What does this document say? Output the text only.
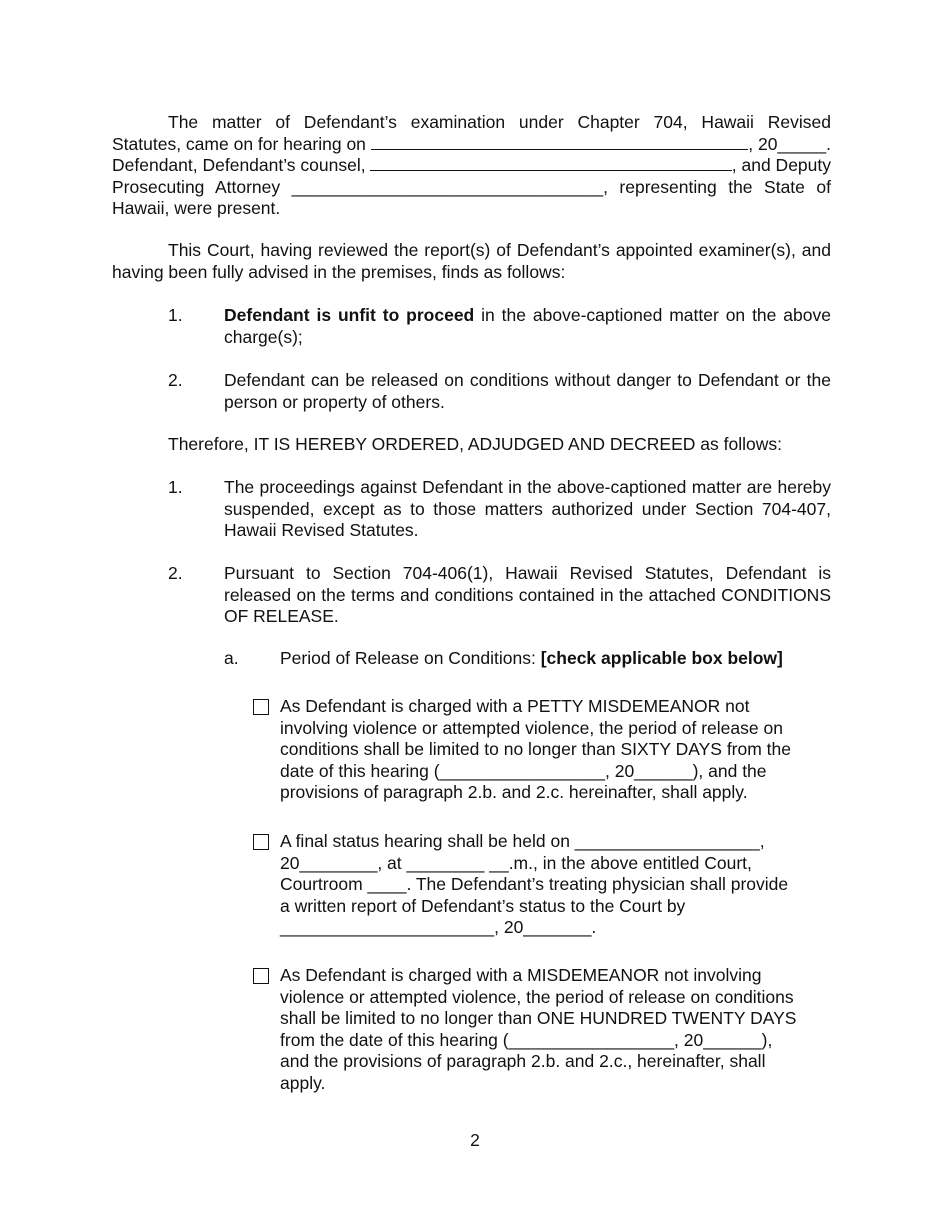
The matter of Defendant’s examination under Chapter 704, Hawaii Revised

Statutes, came on for hearing on	, 20_____.

Defendant, Defendant’s counsel,	, and Deputy

Prosecuting Attorney ________________________________, representing the State of

Hawaii, were present.

This Court, having reviewed the report(s) of Defendant’s appointed examiner(s), and having been fully advised in the premises, finds as follows:

1. Defendant is unfit to proceed in the above-captioned matter on the above charge(s);
2. Defendant can be released on conditions without danger to Defendant or the person or property of others.

Therefore, IT IS HEREBY ORDERED, ADJUDGED AND DECREED as follows:

1. The proceedings against Defendant in the above-captioned matter are hereby suspended, except as to those matters authorized under Section 704-407, Hawaii Revised Statutes.
2. Pursuant to Section 704-406(1), Hawaii Revised Statutes, Defendant is released on the terms and conditions contained in the attached CONDITIONS OF RELEASE.
a. Period of Release on Conditions: [check applicable box below]
As Defendant is charged with a PETTY MISDEMEANOR not
involving violence or attempted violence, the period of release on
conditions shall be limited to no longer than SIXTY DAYS from the
date of this hearing (_________________, 20______), and the
provisions of paragraph 2.b. and 2.c. hereinafter, shall apply.
A final status hearing shall be held on ___________________,
20________, at ________ __.m., in the above entitled Court,
Courtroom ____. The Defendant’s treating physician shall provide
a written report of Defendant’s status to the Court by
______________________, 20_______.
As Defendant is charged with a MISDEMEANOR not involving
violence or attempted violence, the period of release on conditions
shall be limited to no longer than ONE HUNDRED TWENTY DAYS
from the date of this hearing (_________________, 20______),
and the provisions of paragraph 2.b. and 2.c., hereinafter, shall
apply.
2
